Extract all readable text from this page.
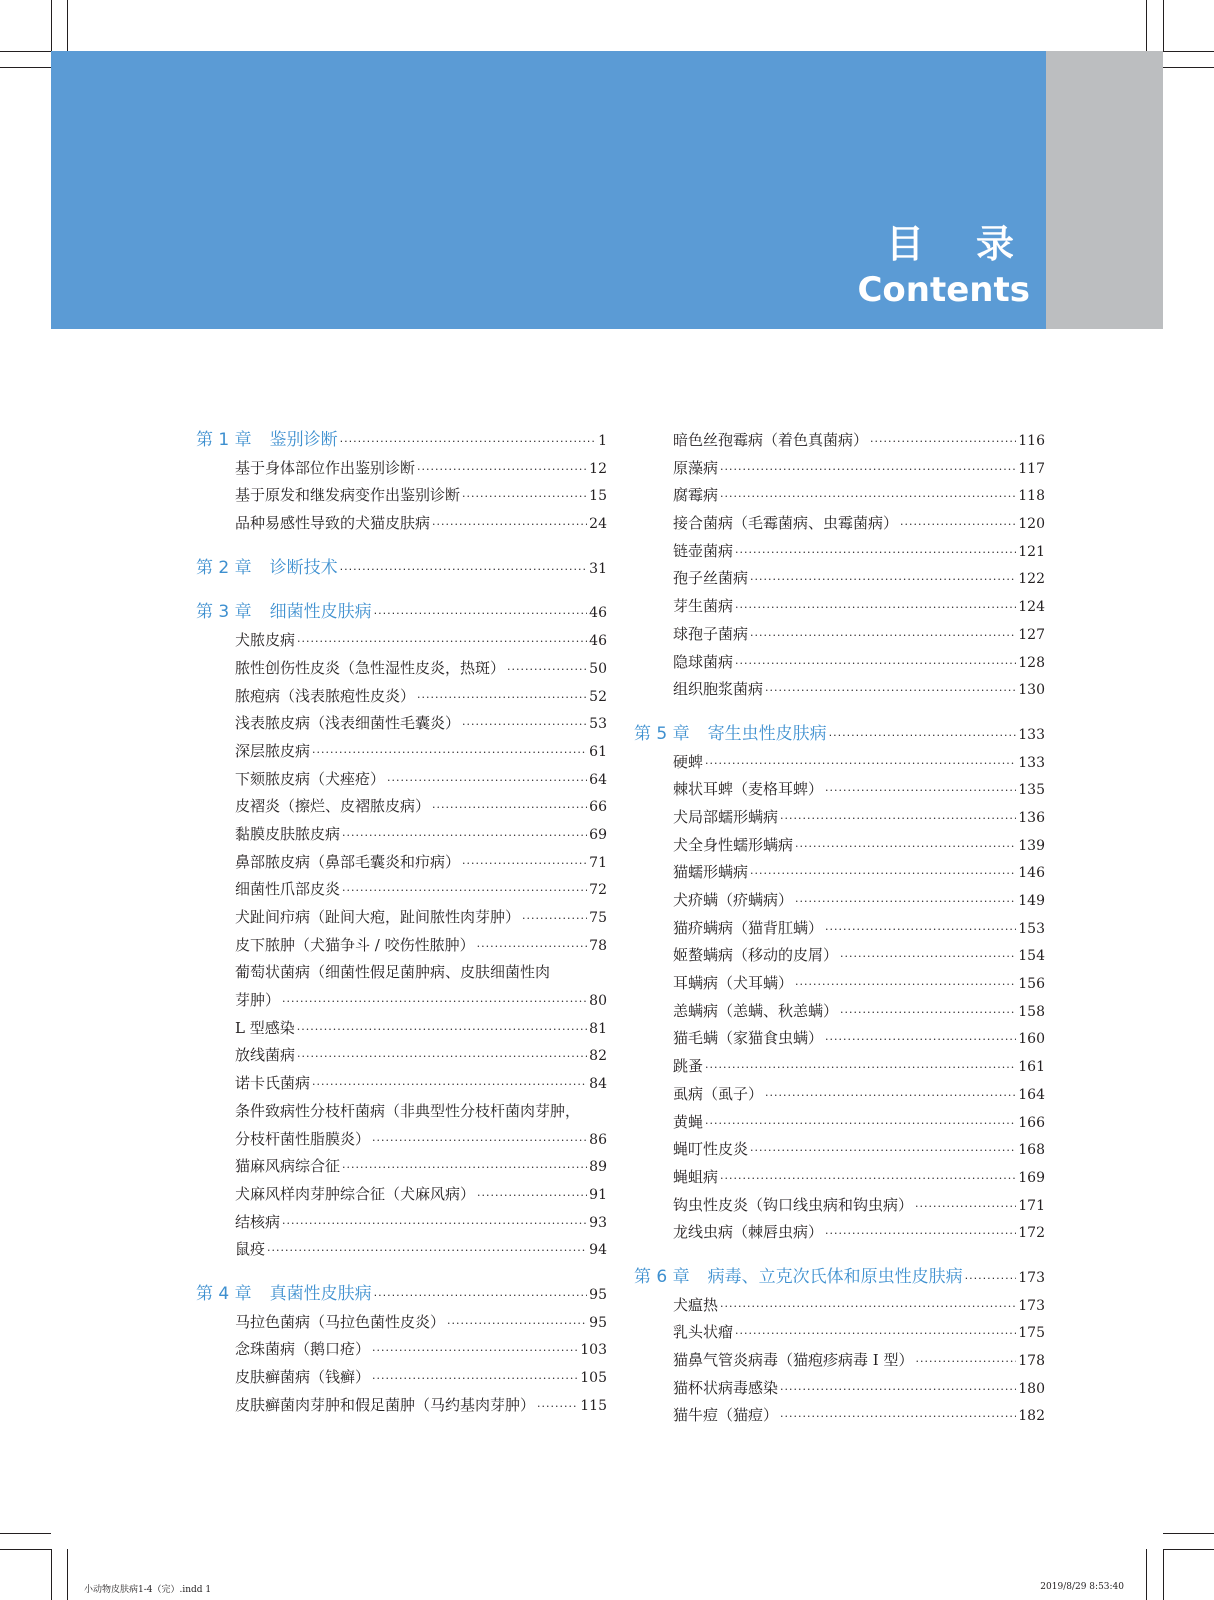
目录
Contents
第 1 章 鉴别诊断 ·····	1
基于身体部位作出鉴别诊断 ·····	12
基于原发和继发病变作出鉴别诊断 ·····	15
品种易感性导致的犬猫皮肤病 ·····	24
第 2 章 诊断技术 ·····	31
第 3 章 细菌性皮肤病 ·····	46
犬脓皮病 ·····	46
脓性创伤性皮炎（急性湿性皮炎，热斑） ·····	50
脓疱病（浅表脓疱性皮炎） ·····	52
浅表脓皮病（浅表细菌性毛囊炎） ·····	53
深层脓皮病 ·····	61
下颏脓皮病（犬痤疮） ·····	64
皮褶炎（擦烂、皮褶脓皮病） ·····	66
黏膜皮肤脓皮病 ·····	69
鼻部脓皮病（鼻部毛囊炎和疖病） ·····	71
细菌性爪部皮炎 ·····	72
犬趾间疖病（趾间大疱，趾间脓性肉芽肿） ·····	75
皮下脓肿（犬猫争斗 / 咬伤性脓肿） ·····	78
葡萄状菌病（细菌性假足菌肿病、皮肤细菌性肉
芽肿） ·····	80
L 型感染 ·····	81
放线菌病 ·····	82
诺卡氏菌病 ·····	84
条件致病性分枝杆菌病（非典型性分枝杆菌肉芽肿，
分枝杆菌性脂膜炎） ·····	86
猫麻风病综合征 ·····	89
犬麻风样肉芽肿综合征（犬麻风病） ·····	91
结核病 ·····	93
鼠疫 ·····	94
第 4 章 真菌性皮肤病 ·····	95
马拉色菌病（马拉色菌性皮炎） ·····	95
念珠菌病（鹅口疮） ·····	103
皮肤癣菌病（钱癣） ·····	105
皮肤癣菌肉芽肿和假足菌肿（马约基肉芽肿） ·····	115
暗色丝孢霉病（着色真菌病） ·····	116
原藻病 ·····	117
腐霉病 ·····	118
接合菌病（毛霉菌病、虫霉菌病） ·····	120
链壶菌病 ·····	121
孢子丝菌病 ·····	122
芽生菌病 ·····	124
球孢子菌病 ·····	127
隐球菌病 ·····	128
组织胞浆菌病 ·····	130
第 5 章 寄生虫性皮肤病 ·····	133
硬蜱 ·····	133
棘状耳蜱（麦格耳蜱） ·····	135
犬局部蠕形螨病 ·····	136
犬全身性蠕形螨病 ·····	139
猫蠕形螨病 ·····	146
犬疥螨（疥螨病） ·····	149
猫疥螨病（猫背肛螨） ·····	153
姬螯螨病（移动的皮屑） ·····	154
耳螨病（犬耳螨） ·····	156
恙螨病（恙螨、秋恙螨） ·····	158
猫毛螨（家猫食虫螨） ·····	160
跳蚤 ·····	161
虱病（虱子） ·····	164
黄蝇 ·····	166
蝇叮性皮炎 ·····	168
蝇蛆病 ·····	169
钩虫性皮炎（钩口线虫病和钩虫病） ·····	171
龙线虫病（棘唇虫病） ·····	172
第 6 章 病毒、立克次氏体和原虫性皮肤病 ·····	173
犬瘟热 ·····	173
乳头状瘤 ·····	175
猫鼻气管炎病毒（猫疱疹病毒 Ⅰ 型） ·····	178
猫杯状病毒感染 ·····	180
猫牛痘（猫痘） ·····	182
小动物皮肤病1-4（完）.indd 1	2019/8/29 8:53:40
